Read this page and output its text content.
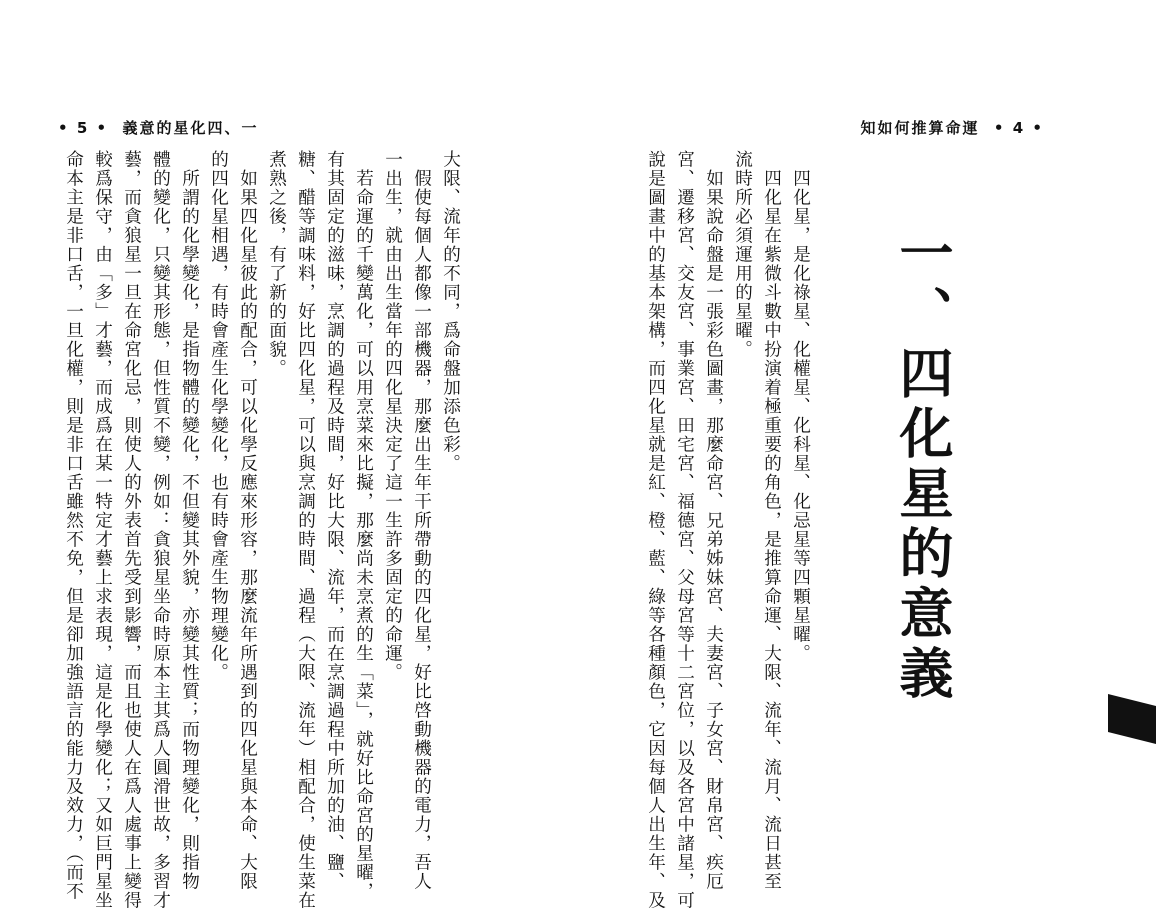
• 5 •  義意的星化四、一	知如何推算命運  • 4 •
一、四化星的意義
　四化星，是化祿星、化權星、化科星、化忌星等四顆星曜。
　四化星在紫微斗數中扮演着極重要的角色，是推算命運、大限、流年、流月、流日甚至
流時所必須運用的星曜。
　如果說命盤是一張彩色圖畫，那麼命宮、兄弟姊妹宮、夫妻宮、子女宮、財帛宮、疾厄
宮、遷移宮、交友宮、事業宮、田宅宮、福德宮、父母宮等十二宮位，以及各宮中諸星，可
說是圖畫中的基本架構，而四化星就是紅、橙、藍、綠等各種顏色，它因每個人出生年、及
大限、流年的不同，爲命盤加添色彩。
　假使每個人都像一部機器，那麼出生年干所帶動的四化星，好比啓動機器的電力，吾人
一出生，就由出生當年的四化星決定了這一生許多固定的命運。
　若命運的千變萬化，可以用烹菜來比擬，那麼尚未烹煮的生「菜」，就好比命宮的星曜，
有其固定的滋味，烹調的過程及時間，好比大限、流年，而在烹調過程中所加的油、鹽、
糖、醋等調味料，好比四化星，可以與烹調的時間、過程（大限、流年）相配合，使生菜在
煮熟之後，有了新的面貌。
　如果四化星彼此的配合，可以化學反應來形容，那麼流年所遇到的四化星與本命、大限
的四化星相遇，有時會產生化學變化，也有時會產生物理變化。
　所謂的化學變化，是指物體的變化，不但變其外貌，亦變其性質；而物理變化，則指物
體的變化，只變其形態，但性質不變，例如：貪狼星坐命時原本主其爲人圓滑世故，多習才
藝，而貪狼星一旦在命宮化忌，則使人的外表首先受到影響，而且也使人在爲人處事上變得
較爲保守，由「多」才藝，而成爲在某一特定才藝上求表現，這是化學變化；又如巨門星坐
命本主是非口舌，一旦化權，則是非口舌雖然不免，但是卻加強語言的能力及效力，（而不
